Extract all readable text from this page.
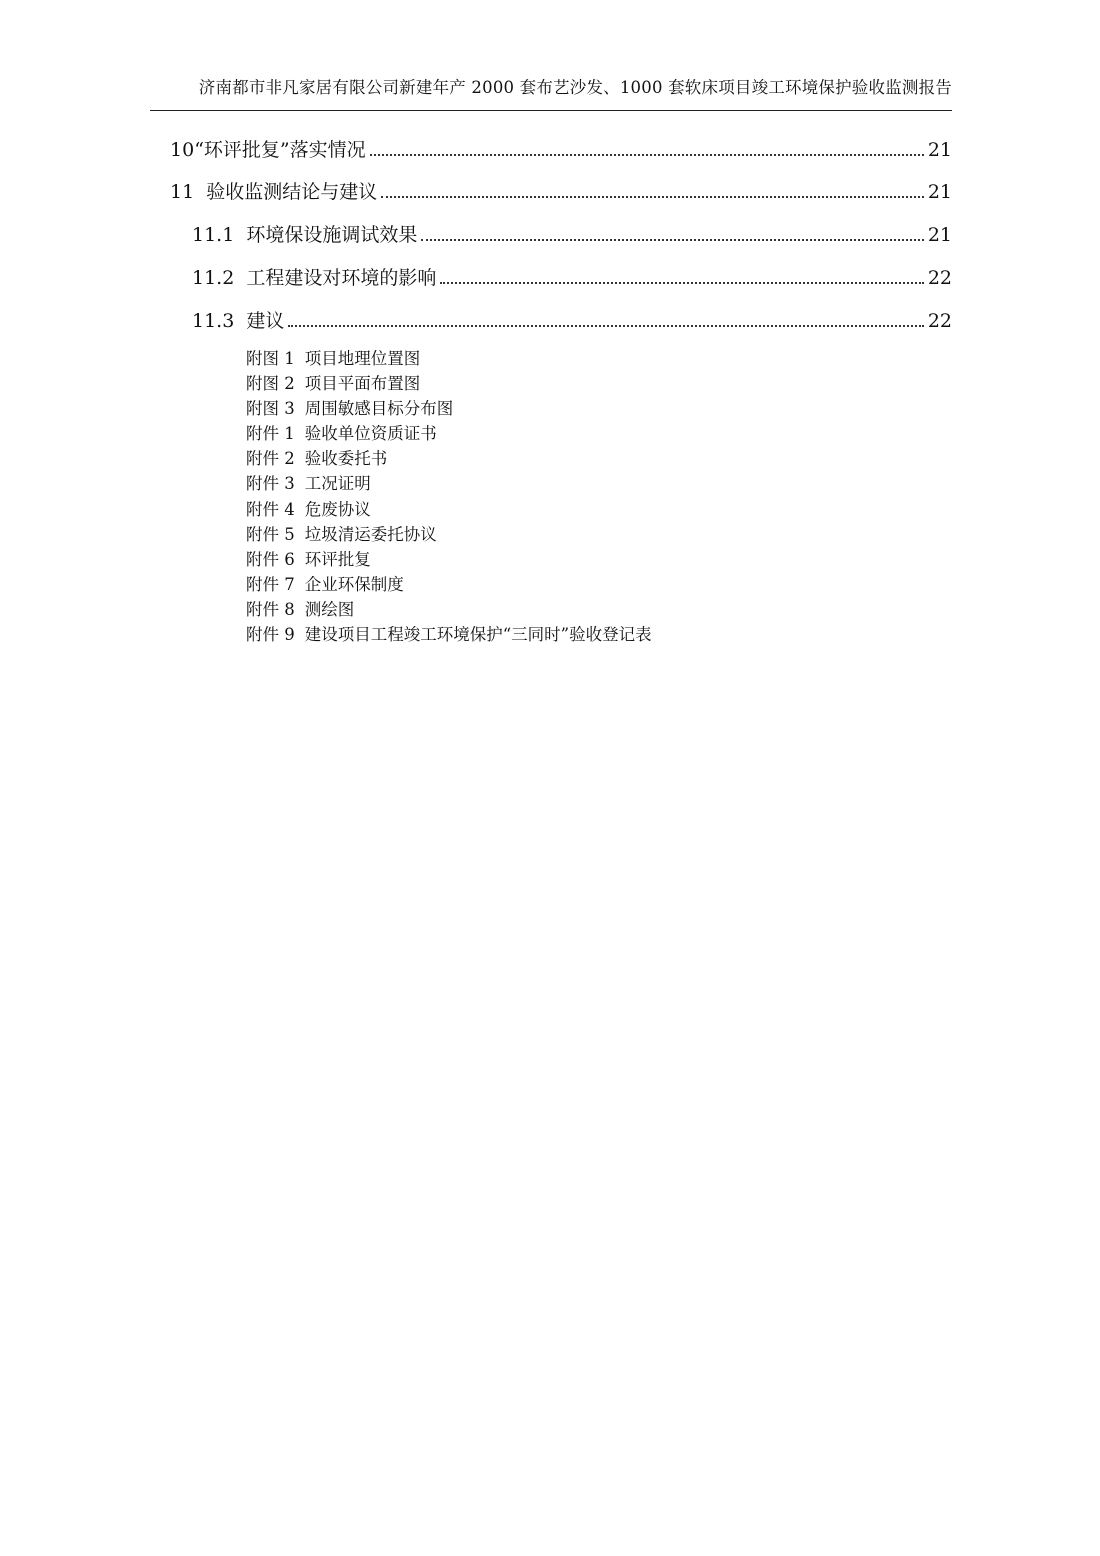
济南都市非凡家居有限公司新建年产 2000 套布艺沙发、1000 套软床项目竣工环境保护验收监测报告
10 “环评批复”落实情况	21
11 验收监测结论与建议	21
11.1 环境保设施调试效果	21
11.2 工程建设对环境的影响	22
11.3 建议	22
附图 1 项目地理位置图
附图 2 项目平面布置图
附图 3 周围敏感目标分布图
附件 1 验收单位资质证书
附件 2 验收委托书
附件 3 工况证明
附件 4 危废协议
附件 5 垃圾清运委托协议
附件 6 环评批复
附件 7 企业环保制度
附件 8 测绘图
附件 9 建设项目工程竣工环境保护“三同时”验收登记表
